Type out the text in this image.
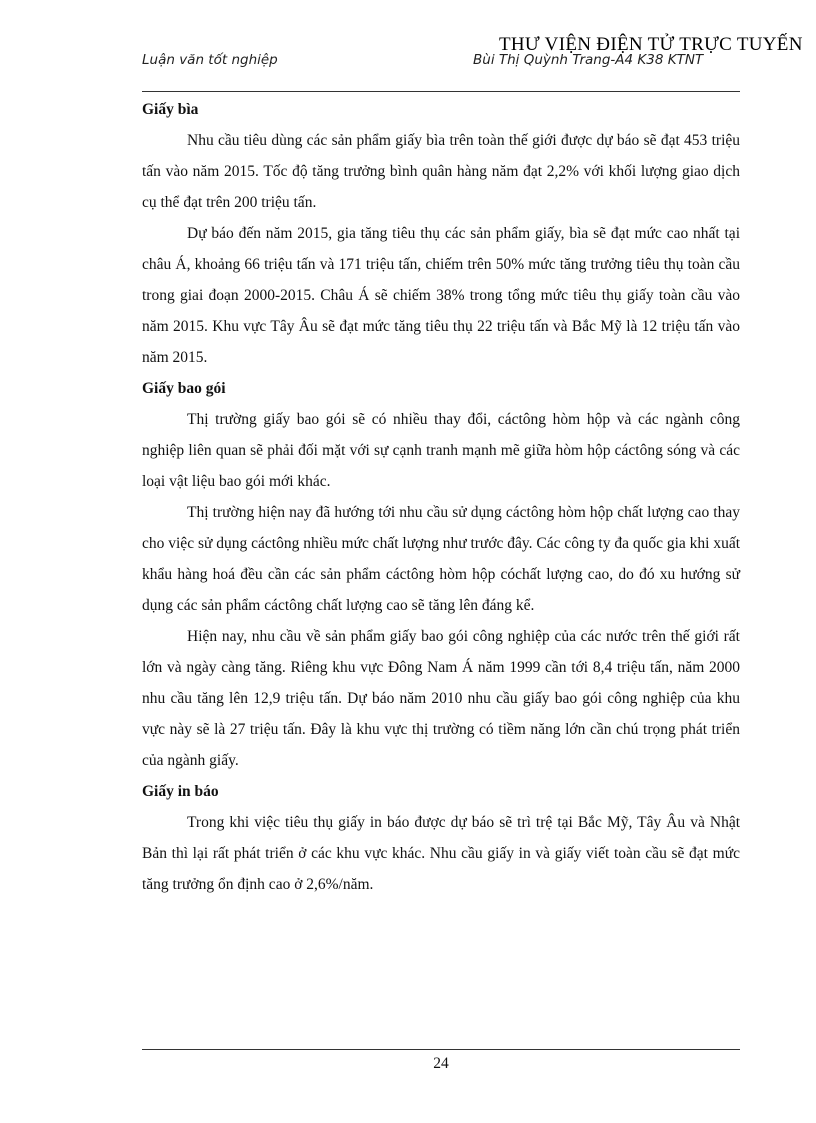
THƯ VIỆN ĐIỆN TỬ TRỰC TUYẾN
Luận văn tốt nghiệp	Bùi Thị Quỳnh Trang-A4 K38 KTNT

Giấy bìa

Nhu cầu tiêu dùng các sản phẩm giấy bìa trên toàn thế giới được dự báo sẽ đạt 453 triệu tấn vào năm 2015. Tốc độ tăng trưởng bình quân hàng năm đạt 2,2% với khối lượng giao dịch cụ thể đạt trên 200 triệu tấn.

Dự báo đến năm 2015, gia tăng tiêu thụ các sản phẩm giấy, bìa sẽ đạt mức cao nhất tại châu Á, khoảng 66 triệu tấn và 171 triệu tấn, chiếm trên 50% mức tăng trưởng tiêu thụ toàn cầu trong giai đoạn 2000-2015. Châu Á sẽ chiếm 38% trong tổng mức tiêu thụ giấy toàn cầu vào năm 2015. Khu vực Tây Âu sẽ đạt mức tăng tiêu thụ 22 triệu tấn và Bắc Mỹ là 12 triệu tấn vào năm 2015.

Giấy bao gói

Thị trường giấy bao gói sẽ có nhiều thay đổi, cáctông hòm hộp và các ngành công nghiệp liên quan sẽ phải đối mặt với sự cạnh tranh mạnh mẽ giữa hòm hộp cáctông sóng và các loại vật liệu bao gói mới khác.

Thị trường hiện nay đã hướng tới nhu cầu sử dụng cáctông hòm hộp chất lượng cao thay cho việc sử dụng cáctông nhiều mức chất lượng như trước đây. Các công ty đa quốc gia khi xuất khẩu hàng hoá đều cần các sản phẩm cáctông hòm hộp cóchất lượng cao, do đó xu hướng sử dụng các sản phẩm cáctông chất lượng cao sẽ tăng lên đáng kể.

Hiện nay, nhu cầu về sản phẩm giấy bao gói công nghiệp của các nước trên thế giới rất lớn và ngày càng tăng. Riêng khu vực Đông Nam Á năm 1999 cần tới 8,4 triệu tấn, năm 2000 nhu cầu tăng lên 12,9 triệu tấn. Dự báo năm 2010 nhu cầu giấy bao gói công nghiệp của khu vực này sẽ là 27 triệu tấn. Đây là khu vực thị trường có tiềm năng lớn cần chú trọng phát triển của ngành giấy.

Giấy in báo

Trong khi việc tiêu thụ giấy in báo được dự báo sẽ trì trệ tại Bắc Mỹ, Tây Âu và Nhật Bản thì lại rất phát triển ở các khu vực khác. Nhu cầu giấy in và giấy viết toàn cầu sẽ đạt mức tăng trưởng ổn định cao ở 2,6%/năm.

24
